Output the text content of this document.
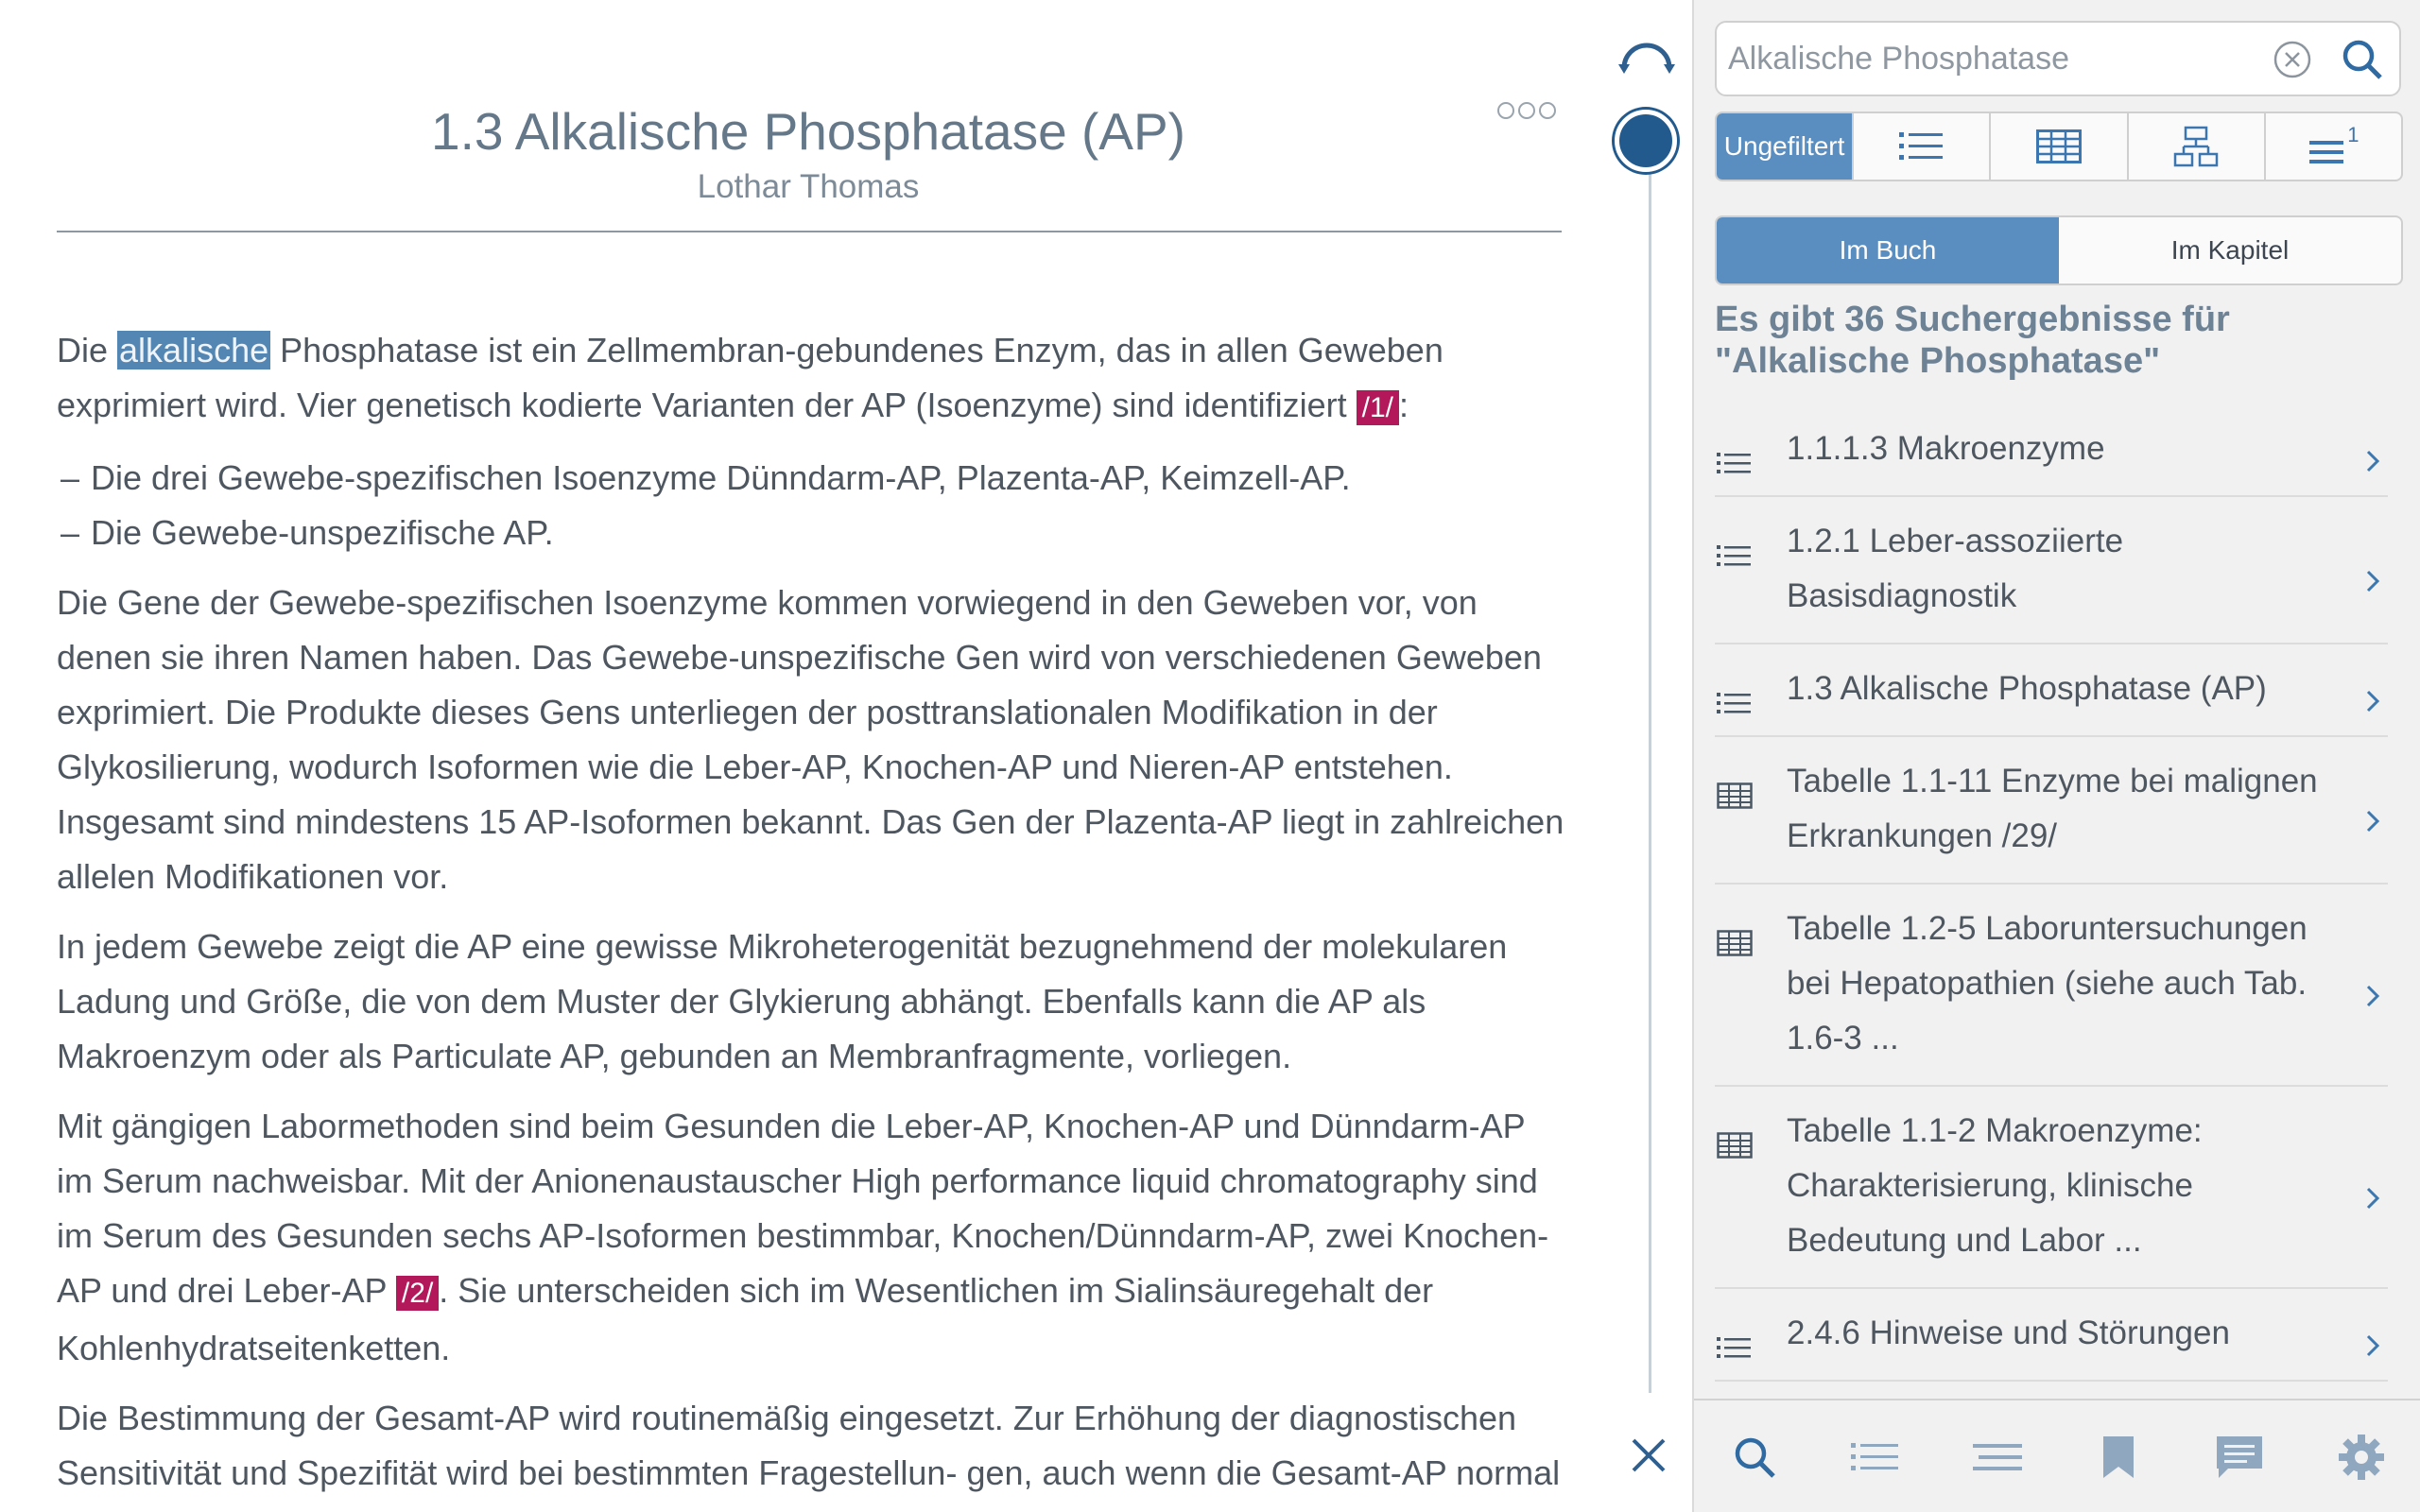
1.3 Alkalische Phosphatase (AP)
Lothar Thomas

Die alkalische Phosphatase ist ein Zellmembran-gebundenes Enzym, das in allen Geweben exprimiert wird. Vier genetisch kodierte Varianten der AP (Isoenzyme) sind identifiziert /1/ :

– Die drei Gewebe-spezifischen Isoenzyme Dünndarm-AP, Plazenta-AP, Keimzell-AP.
– Die Gewebe-unspezifische AP.

Die Gene der Gewebe-spezifischen Isoenzyme kommen vorwiegend in den Geweben vor, von denen sie ihren Namen haben. Das Gewebe-unspezifische Gen wird von verschiedenen Geweben exprimiert. Die Produkte dieses Gens unterliegen der posttranslationalen Modifikation in der Glykosilierung, wodurch Isoformen wie die Leber-AP, Knochen-AP und Nieren-AP entstehen. Insgesamt sind mindestens 15 AP-Isoformen bekannt. Das Gen der Plazenta-AP liegt in zahlreichen allelen Modifikationen vor.

In jedem Gewebe zeigt die AP eine gewisse Mikroheterogenität bezugnehmend der molekularen Ladung und Größe, die von dem Muster der Glykierung abhängt. Ebenfalls kann die AP als Makroenzym oder als Particulate AP, gebunden an Membranfragmente, vorliegen.

Mit gängigen Labormethoden sind beim Gesunden die Leber-AP, Knochen-AP und Dünndarm-AP im Serum nachweisbar. Mit der Anionenaustauscher High performance liquid chromatography sind im Serum des Gesunden sechs AP-Isoformen bestimmbar, Knochen/Dünndarm-AP, zwei Knochen-AP und drei Leber-AP /2/ . Sie unterscheiden sich im Wesentlichen im Sialinsäuregehalt der Kohlenhydratseitenketten.

Die Bestimmung der Gesamt-AP wird routinemäßig eingesetzt. Zur Erhöhung der diagnostischen Sensitivität und Spezifität wird bei bestimmten Fragestellun- gen, auch wenn die Gesamt-AP normal

Alkalische Phosphatase
Ungefiltert	1
Im Buch	Im Kapitel
Es gibt 36 Suchergebnisse für "Alkalische Phosphatase"
1.1.1.3 Makroenzyme
1.2.1 Leber-assoziierte Basisdiagnostik
1.3 Alkalische Phosphatase (AP)
Tabelle 1.1-11 Enzyme bei malignen Erkrankungen /29/
Tabelle 1.2-5 Laboruntersuchungen bei Hepatopathien (siehe auch Tab. 1.6-3 ...
Tabelle 1.1-2 Makroenzyme: Charakterisierung, klinische Bedeutung und Labor ...
2.4.6 Hinweise und Störungen
